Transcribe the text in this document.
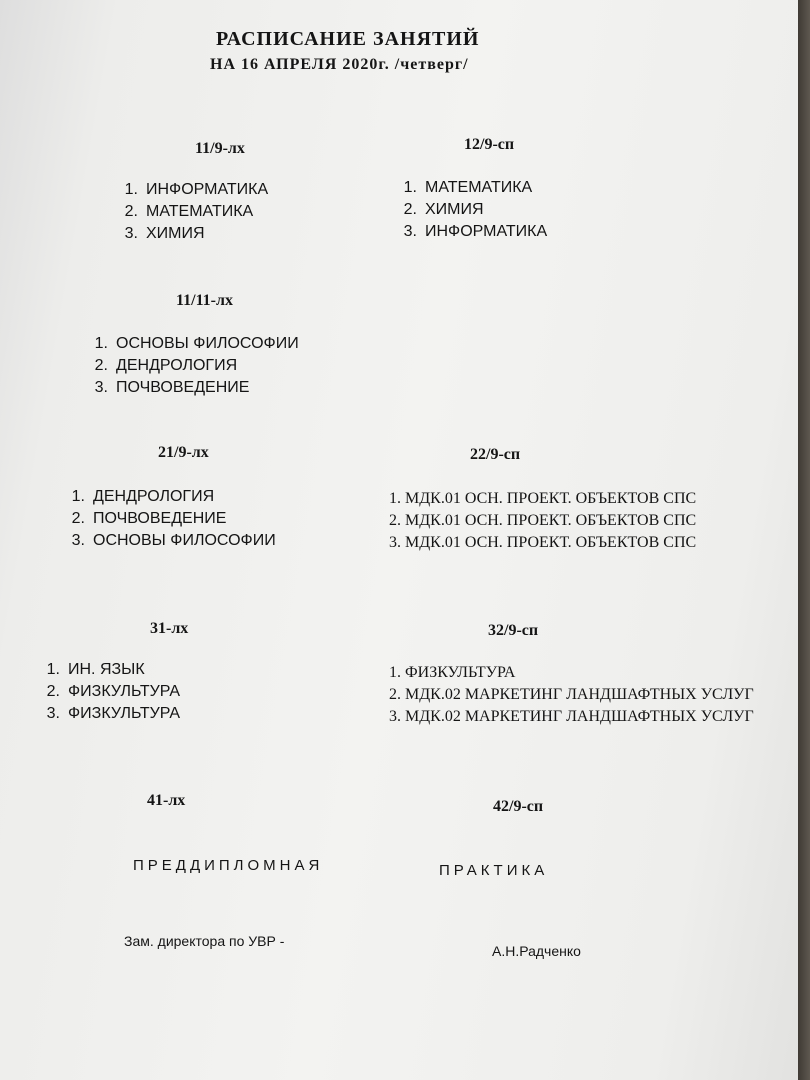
РАСПИСАНИЕ ЗАНЯТИЙ
НА 16 АПРЕЛЯ 2020г. /четверг/
11/9-лх
1. ИНФОРМАТИКА
2. МАТЕМАТИКА
3. ХИМИЯ
12/9-сп
1. МАТЕМАТИКА
2. ХИМИЯ
3. ИНФОРМАТИКА
11/11-лх
1. ОСНОВЫ ФИЛОСОФИИ
2. ДЕНДРОЛОГИЯ
3. ПОЧВОВЕДЕНИЕ
21/9-лх
1. ДЕНДРОЛОГИЯ
2. ПОЧВОВЕДЕНИЕ
3. ОСНОВЫ ФИЛОСОФИИ
22/9-сп
1. МДК.01 ОСН. ПРОЕКТ. ОБЪЕКТОВ СПС
2. МДК.01 ОСН. ПРОЕКТ. ОБЪЕКТОВ СПС
3. МДК.01 ОСН. ПРОЕКТ. ОБЪЕКТОВ СПС
31-лх
1. ИН. ЯЗЫК
2. ФИЗКУЛЬТУРА
3. ФИЗКУЛЬТУРА
32/9-сп
1. ФИЗКУЛЬТУРА
2. МДК.02 МАРКЕТИНГ ЛАНДШАФТНЫХ УСЛУГ
3. МДК.02 МАРКЕТИНГ ЛАНДШАФТНЫХ УСЛУГ
41-лх	42/9-сп
ПРЕДДИПЛОМНАЯ	ПРАКТИКА
Зам. директора по УВР -
А.Н.Радченко
